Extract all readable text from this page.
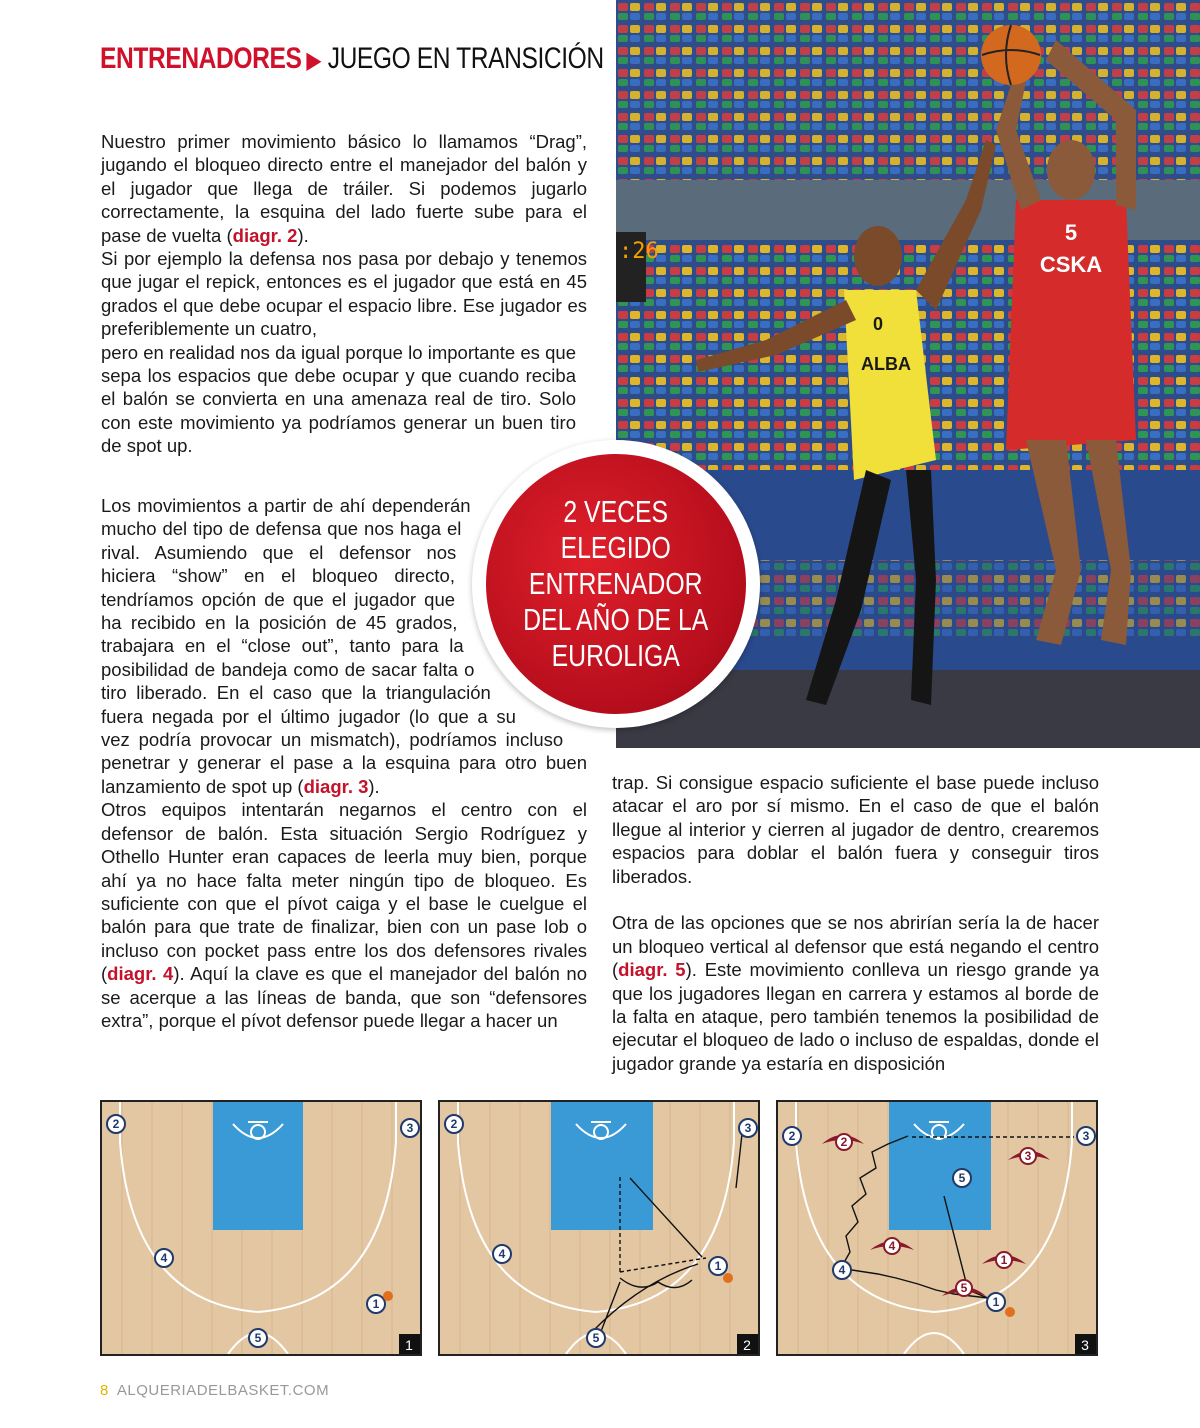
ENTRENADORES ▶ JUEGO EN TRANSICIÓN
:26
0
ALBA
5
CSKA

Nuestro primer movimiento básico lo llamamos “Drag”, jugando el bloqueo directo entre el manejador del balón y el jugador que llega de tráiler. Si podemos jugarlo correctamente, la esquina del lado fuerte sube para el pase de vuelta (diagr. 2).

Si por ejemplo la defensa nos pasa por debajo y tenemos que jugar el repick, entonces es el jugador que está en 45 grados el que debe ocupar el espacio libre. Ese jugador es preferiblemente un cuatro,

pero en realidad nos da igual porque lo importante es que sepa los espacios que debe ocupar y que cuando reciba el balón se convierta en una amenaza real de tiro. Solo con este movimiento ya podríamos generar un buen tiro de spot up.

Los movimientos a partir de ahí dependerán mucho del tipo de defensa que nos haga el rival. Asumiendo que el defensor nos hiciera “show” en el bloqueo directo, tendríamos opción de que el jugador que ha recibido en la posición de 45 grados, trabajara en el “close out”, tanto para la posibilidad de bandeja como de sacar falta o tiro liberado. En el caso que la triangulación fuera negada por el último jugador (lo que a su vez podría provocar un mismatch), podríamos incluso penetrar y generar el pase a la esquina para otro buen lanzamiento de spot up (diagr. 3).

Otros equipos intentarán negarnos el centro con el defensor de balón. Esta situación Sergio Rodríguez y Othello Hunter eran capaces de leerla muy bien, porque ahí ya no hace falta meter ningún tipo de bloqueo. Es suficiente con que el pívot caiga y el base le cuelgue el balón para que trate de finalizar, bien con un pase lob o incluso con pocket pass entre los dos defensores rivales (diagr. 4). Aquí la clave es que el manejador del balón no se acerque a las líneas de banda, que son “defensores extra”, porque el pívot defensor puede llegar a hacer un

2 VECES
ELEGIDO
ENTRENADOR
DEL AÑO DE LA
EUROLIGA

trap. Si consigue espacio suficiente el base puede incluso atacar el aro por sí mismo. En el caso de que el balón llegue al interior y cierren al jugador de dentro, crearemos espacios para doblar el balón fuera y conseguir tiros liberados.

Otra de las opciones que se nos abrirían sería la de hacer un bloqueo vertical al defensor que está negando el centro (diagr. 5). Este movimiento conlleva un riesgo grande ya que los jugadores llegan en carrera y estamos al borde de la falta en ataque, pero también tenemos la posibilidad de ejecutar el bloqueo de lado o incluso de espaldas, donde el jugador grande ya estaría en disposición

2	3
4
1
5	1
2	3
4
1
5	2
2
3
4
1
5
2	3
5
4
1
3
8 ALQUERIADELBASKET.COM
